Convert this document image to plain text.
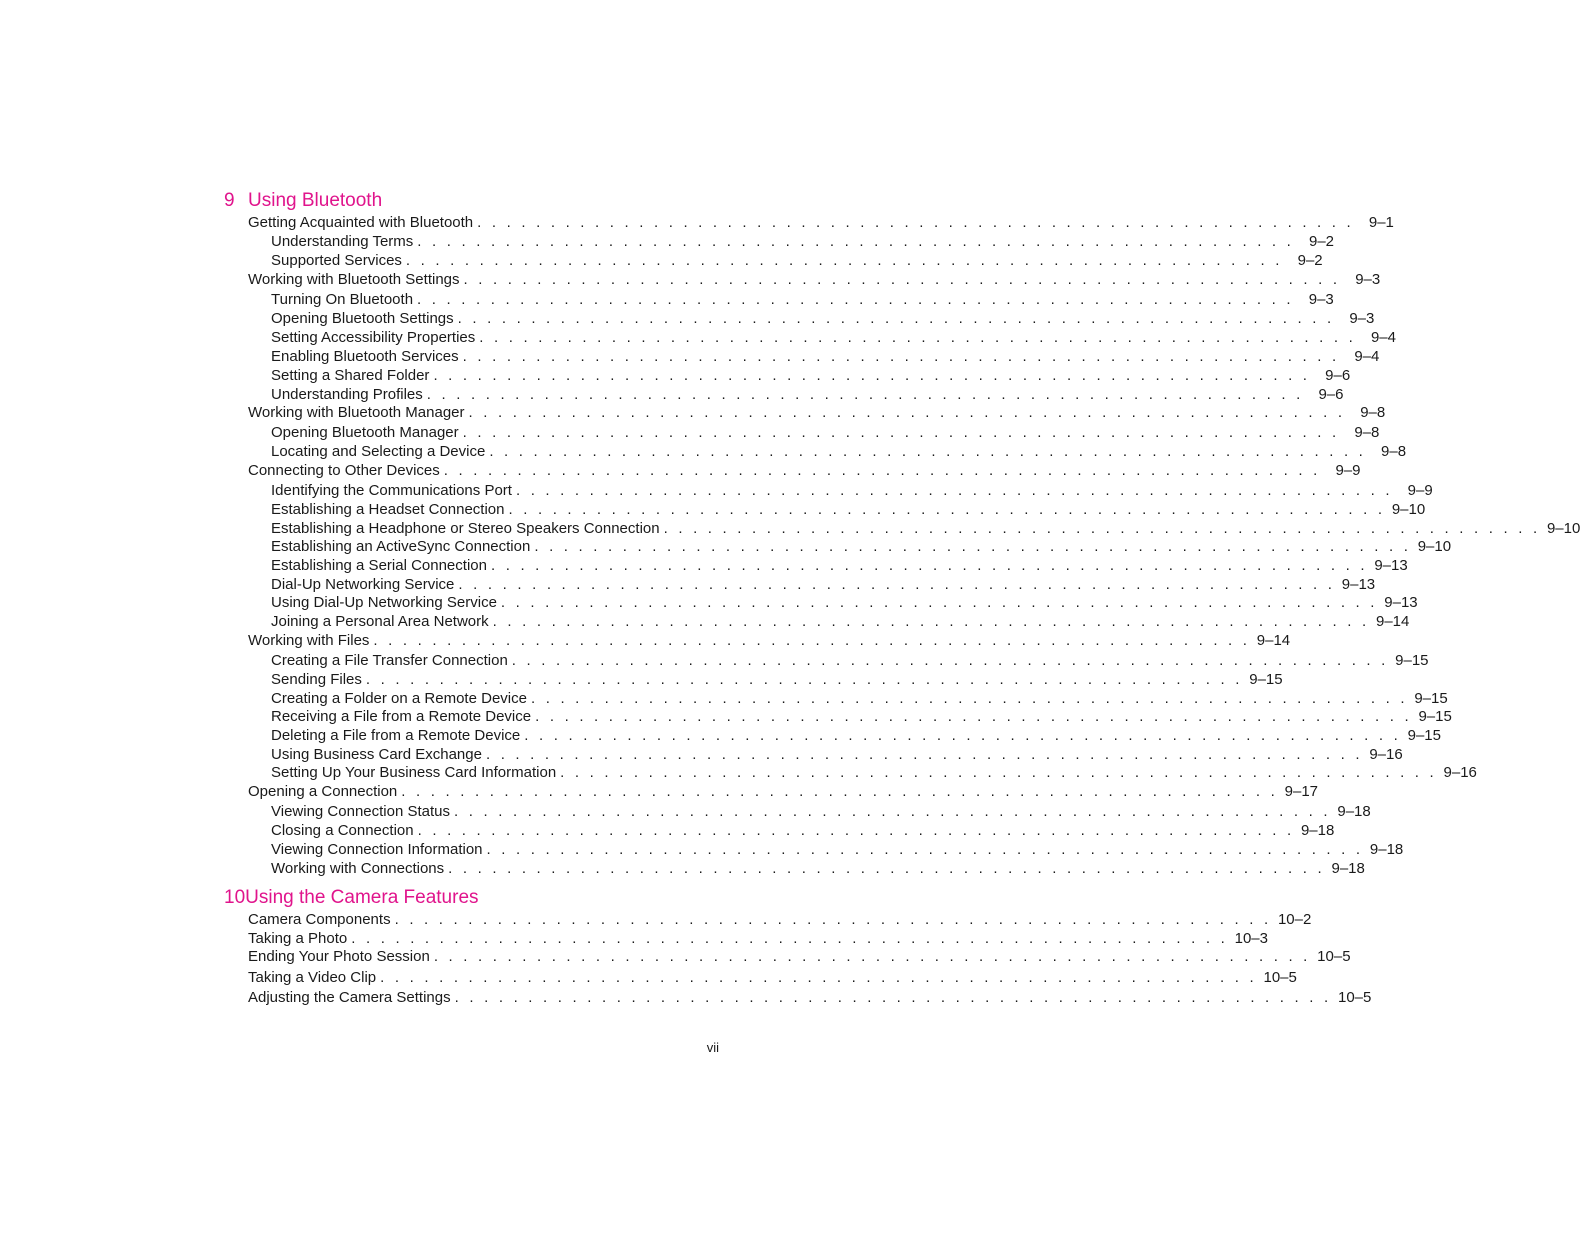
9 Using Bluetooth
Getting Acquainted with Bluetooth . . . . . . . . . . . . . . . . . . . . . . . . . . . . . . . . . . . . . . . . . . . . . . . . . . . . . . . . . . . . 9–1
Understanding Terms . . . . . . . . . . . . . . . . . . . . . . . . . . . . . . . . . . . . . . . . . . . . . . . . . . . . . . . . . . . . 9–2
Supported Services . . . . . . . . . . . . . . . . . . . . . . . . . . . . . . . . . . . . . . . . . . . . . . . . . . . . . . . . . . . . 9–2
Working with Bluetooth Settings . . . . . . . . . . . . . . . . . . . . . . . . . . . . . . . . . . . . . . . . . . . . . . . . . . . . . . . . . . . . 9–3
Turning On Bluetooth . . . . . . . . . . . . . . . . . . . . . . . . . . . . . . . . . . . . . . . . . . . . . . . . . . . . . . . . . . . . 9–3
Opening Bluetooth Settings . . . . . . . . . . . . . . . . . . . . . . . . . . . . . . . . . . . . . . . . . . . . . . . . . . . . . . . . . . . . 9–3
Setting Accessibility Properties . . . . . . . . . . . . . . . . . . . . . . . . . . . . . . . . . . . . . . . . . . . . . . . . . . . . . . . . . . . . 9–4
Enabling Bluetooth Services . . . . . . . . . . . . . . . . . . . . . . . . . . . . . . . . . . . . . . . . . . . . . . . . . . . . . . . . . . . . 9–4
Setting a Shared Folder . . . . . . . . . . . . . . . . . . . . . . . . . . . . . . . . . . . . . . . . . . . . . . . . . . . . . . . . . . . . 9–6
Understanding Profiles . . . . . . . . . . . . . . . . . . . . . . . . . . . . . . . . . . . . . . . . . . . . . . . . . . . . . . . . . . . . 9–6
Working with Bluetooth Manager . . . . . . . . . . . . . . . . . . . . . . . . . . . . . . . . . . . . . . . . . . . . . . . . . . . . . . . . . . . . 9–8
Opening Bluetooth Manager . . . . . . . . . . . . . . . . . . . . . . . . . . . . . . . . . . . . . . . . . . . . . . . . . . . . . . . . . . . . 9–8
Locating and Selecting a Device . . . . . . . . . . . . . . . . . . . . . . . . . . . . . . . . . . . . . . . . . . . . . . . . . . . . . . . . . . . . 9–8
Connecting to Other Devices . . . . . . . . . . . . . . . . . . . . . . . . . . . . . . . . . . . . . . . . . . . . . . . . . . . . . . . . . . . . 9–9
Identifying the Communications Port . . . . . . . . . . . . . . . . . . . . . . . . . . . . . . . . . . . . . . . . . . . . . . . . . . . . . . . . . . . . 9–9
Establishing a Headset Connection . . . . . . . . . . . . . . . . . . . . . . . . . . . . . . . . . . . . . . . . . . . . . . . . . . . . . . . . . . . . 9–10
Establishing a Headphone or Stereo Speakers Connection . . . . . . . . . . . . . . . . . . . . . . . . . . . . . . . . . . . . . . . . . . . . . . . . . . . . . . . . . . . . 9–10
Establishing an ActiveSync Connection . . . . . . . . . . . . . . . . . . . . . . . . . . . . . . . . . . . . . . . . . . . . . . . . . . . . . . . . . . . . 9–10
Establishing a Serial Connection . . . . . . . . . . . . . . . . . . . . . . . . . . . . . . . . . . . . . . . . . . . . . . . . . . . . . . . . . . . . 9–13
Dial-Up Networking Service . . . . . . . . . . . . . . . . . . . . . . . . . . . . . . . . . . . . . . . . . . . . . . . . . . . . . . . . . . . . 9–13
Using Dial-Up Networking Service . . . . . . . . . . . . . . . . . . . . . . . . . . . . . . . . . . . . . . . . . . . . . . . . . . . . . . . . . . . . 9–13
Joining a Personal Area Network . . . . . . . . . . . . . . . . . . . . . . . . . . . . . . . . . . . . . . . . . . . . . . . . . . . . . . . . . . . . 9–14
Working with Files . . . . . . . . . . . . . . . . . . . . . . . . . . . . . . . . . . . . . . . . . . . . . . . . . . . . . . . . . . . . 9–14
Creating a File Transfer Connection . . . . . . . . . . . . . . . . . . . . . . . . . . . . . . . . . . . . . . . . . . . . . . . . . . . . . . . . . . . . 9–15
Sending Files . . . . . . . . . . . . . . . . . . . . . . . . . . . . . . . . . . . . . . . . . . . . . . . . . . . . . . . . . . . . 9–15
Creating a Folder on a Remote Device . . . . . . . . . . . . . . . . . . . . . . . . . . . . . . . . . . . . . . . . . . . . . . . . . . . . . . . . . . . . 9–15
Receiving a File from a Remote Device . . . . . . . . . . . . . . . . . . . . . . . . . . . . . . . . . . . . . . . . . . . . . . . . . . . . . . . . . . . . 9–15
Deleting a File from a Remote Device . . . . . . . . . . . . . . . . . . . . . . . . . . . . . . . . . . . . . . . . . . . . . . . . . . . . . . . . . . . . 9–15
Using Business Card Exchange . . . . . . . . . . . . . . . . . . . . . . . . . . . . . . . . . . . . . . . . . . . . . . . . . . . . . . . . . . . . 9–16
Setting Up Your Business Card Information . . . . . . . . . . . . . . . . . . . . . . . . . . . . . . . . . . . . . . . . . . . . . . . . . . . . . . . . . . . . 9–16
Opening a Connection . . . . . . . . . . . . . . . . . . . . . . . . . . . . . . . . . . . . . . . . . . . . . . . . . . . . . . . . . . . . 9–17
Viewing Connection Status . . . . . . . . . . . . . . . . . . . . . . . . . . . . . . . . . . . . . . . . . . . . . . . . . . . . . . . . . . . . 9–18
Closing a Connection . . . . . . . . . . . . . . . . . . . . . . . . . . . . . . . . . . . . . . . . . . . . . . . . . . . . . . . . . . . . 9–18
Viewing Connection Information . . . . . . . . . . . . . . . . . . . . . . . . . . . . . . . . . . . . . . . . . . . . . . . . . . . . . . . . . . . . 9–18
Working with Connections . . . . . . . . . . . . . . . . . . . . . . . . . . . . . . . . . . . . . . . . . . . . . . . . . . . . . . . . . . . . 9–18
10Using the Camera Features
Camera Components . . . . . . . . . . . . . . . . . . . . . . . . . . . . . . . . . . . . . . . . . . . . . . . . . . . . . . . . . . . . 10–2
Taking a Photo . . . . . . . . . . . . . . . . . . . . . . . . . . . . . . . . . . . . . . . . . . . . . . . . . . . . . . . . . . . . 10–3
Ending Your Photo Session . . . . . . . . . . . . . . . . . . . . . . . . . . . . . . . . . . . . . . . . . . . . . . . . . . . . . . . . . . . . 10–5
Taking a Video Clip . . . . . . . . . . . . . . . . . . . . . . . . . . . . . . . . . . . . . . . . . . . . . . . . . . . . . . . . . . . . 10–5
Adjusting the Camera Settings . . . . . . . . . . . . . . . . . . . . . . . . . . . . . . . . . . . . . . . . . . . . . . . . . . . . . . . . . . . . 10–5
vii
